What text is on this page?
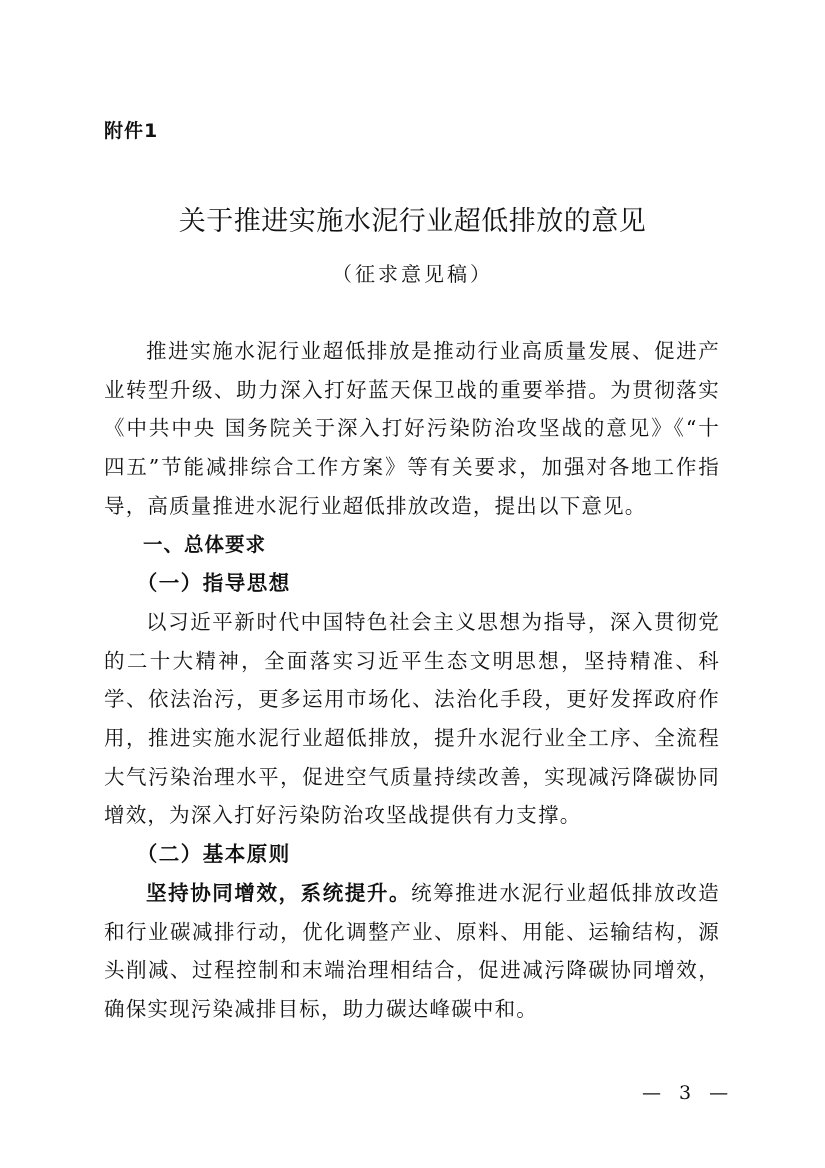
附件1
关于推进实施水泥行业超低排放的意见
（征求意见稿）

推进实施水泥行业超低排放是推动行业高质量发展、促进产业转型升级、助力深入打好蓝天保卫战的重要举措。为贯彻落实《中共中央 国务院关于深入打好污染防治攻坚战的意见》《“十四五”节能减排综合工作方案》等有关要求，加强对各地工作指导，高质量推进水泥行业超低排放改造，提出以下意见。

一、总体要求

（一）指导思想

以习近平新时代中国特色社会主义思想为指导，深入贯彻党的二十大精神，全面落实习近平生态文明思想，坚持精准、科学、依法治污，更多运用市场化、法治化手段，更好发挥政府作用，推进实施水泥行业超低排放，提升水泥行业全工序、全流程大气污染治理水平，促进空气质量持续改善，实现减污降碳协同增效，为深入打好污染防治攻坚战提供有力支撑。

（二）基本原则

坚持协同增效，系统提升。统筹推进水泥行业超低排放改造和行业碳减排行动，优化调整产业、原料、用能、运输结构，源头削减、过程控制和末端治理相结合，促进减污降碳协同增效，确保实现污染减排目标，助力碳达峰碳中和。

— 3 —
